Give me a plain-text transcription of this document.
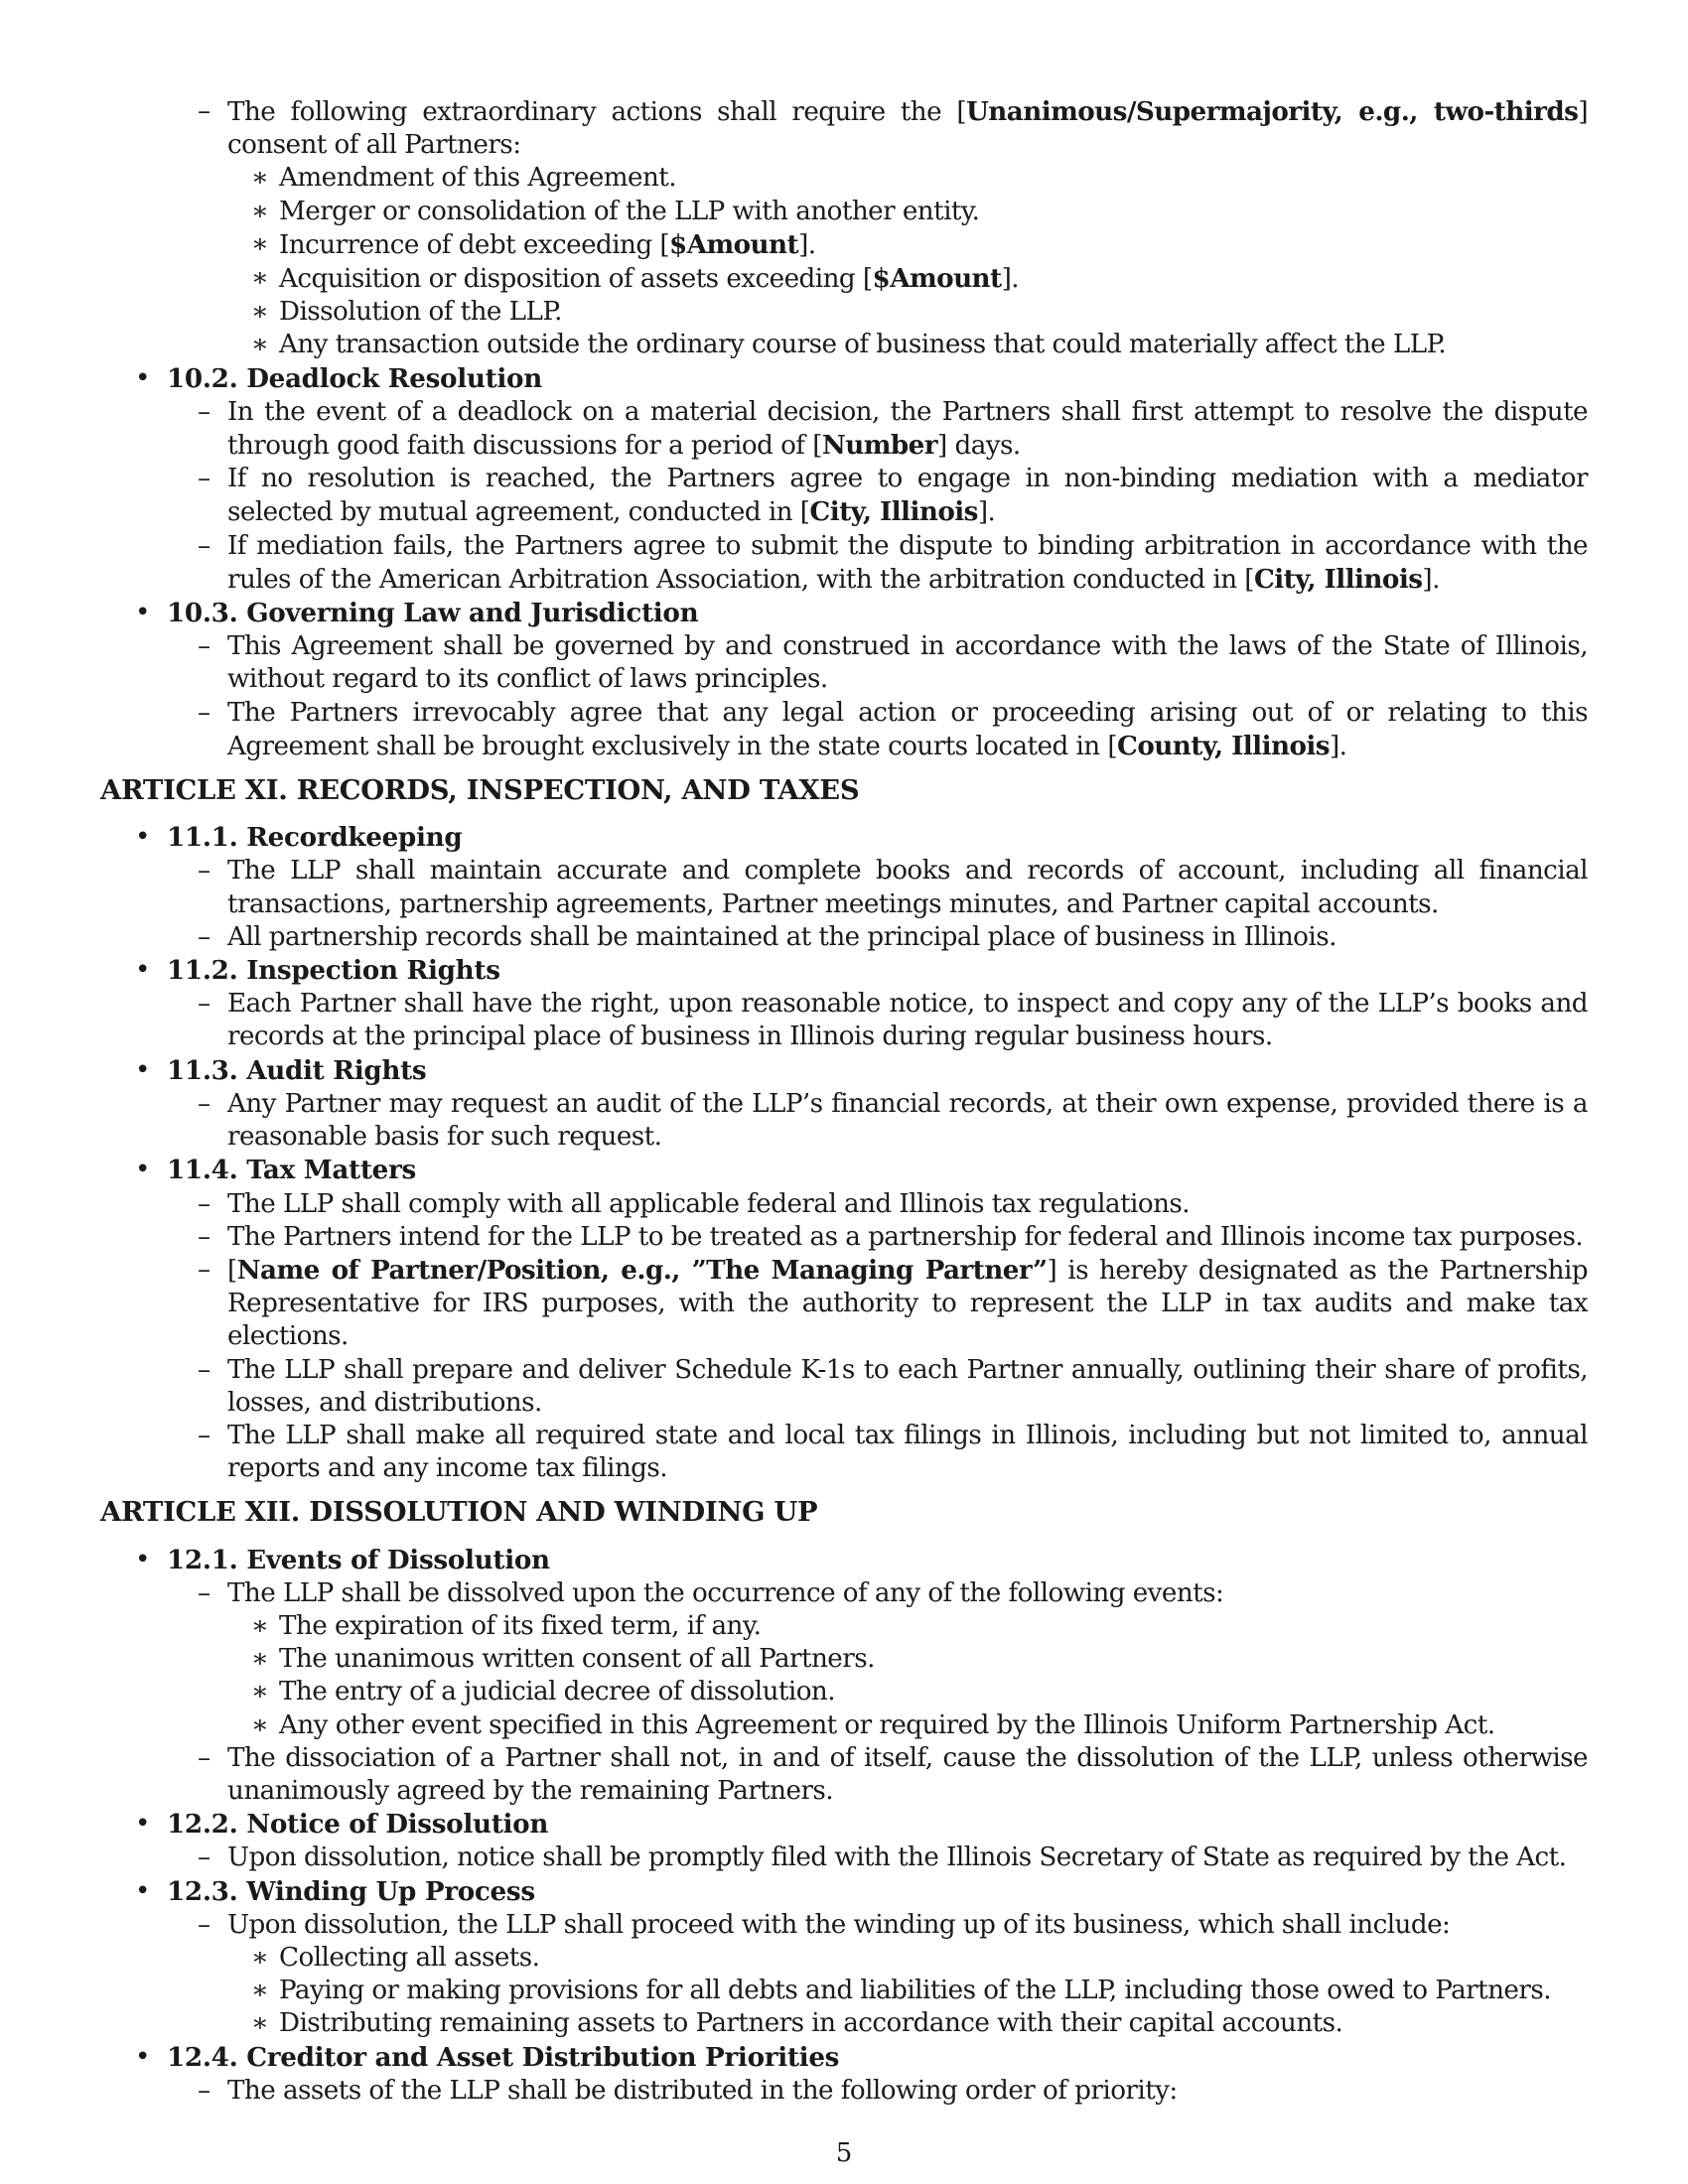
– The following extraordinary actions shall require the [Unanimous/Supermajority, e.g., two-thirds] consent of all Partners:

∗ Amendment of this Agreement.

∗ Merger or consolidation of the LLP with another entity.

∗ Incurrence of debt exceeding [$Amount].

∗ Acquisition or disposition of assets exceeding [$Amount].

∗ Dissolution of the LLP.

∗ Any transaction outside the ordinary course of business that could materially affect the LLP.

• 10.2. Deadlock Resolution

– In the event of a deadlock on a material decision, the Partners shall first attempt to resolve the dispute through good faith discussions for a period of [Number] days.

– If no resolution is reached, the Partners agree to engage in non-binding mediation with a mediator selected by mutual agreement, conducted in [City, Illinois].

– If mediation fails, the Partners agree to submit the dispute to binding arbitration in accordance with the rules of the American Arbitration Association, with the arbitration conducted in [City, Illinois].

• 10.3. Governing Law and Jurisdiction

– This Agreement shall be governed by and construed in accordance with the laws of the State of Illinois, without regard to its conflict of laws principles.

– The Partners irrevocably agree that any legal action or proceeding arising out of or relating to this Agreement shall be brought exclusively in the state courts located in [County, Illinois].

ARTICLE XI. RECORDS, INSPECTION, AND TAXES

• 11.1. Recordkeeping

– The LLP shall maintain accurate and complete books and records of account, including all financial transactions, partnership agreements, Partner meetings minutes, and Partner capital accounts.

– All partnership records shall be maintained at the principal place of business in Illinois.

• 11.2. Inspection Rights

– Each Partner shall have the right, upon reasonable notice, to inspect and copy any of the LLP’s books and records at the principal place of business in Illinois during regular business hours.

• 11.3. Audit Rights

– Any Partner may request an audit of the LLP’s financial records, at their own expense, provided there is a reasonable basis for such request.

• 11.4. Tax Matters

– The LLP shall comply with all applicable federal and Illinois tax regulations.

– The Partners intend for the LLP to be treated as a partnership for federal and Illinois income tax purposes.

– [Name of Partner/Position, e.g., ”The Managing Partner”] is hereby designated as the Partnership Representative for IRS purposes, with the authority to represent the LLP in tax audits and make tax elections.

– The LLP shall prepare and deliver Schedule K-1s to each Partner annually, outlining their share of profits, losses, and distributions.

– The LLP shall make all required state and local tax filings in Illinois, including but not limited to, annual reports and any income tax filings.

ARTICLE XII. DISSOLUTION AND WINDING UP

• 12.1. Events of Dissolution

– The LLP shall be dissolved upon the occurrence of any of the following events:

∗ The expiration of its fixed term, if any.

∗ The unanimous written consent of all Partners.

∗ The entry of a judicial decree of dissolution.

∗ Any other event specified in this Agreement or required by the Illinois Uniform Partnership Act.

– The dissociation of a Partner shall not, in and of itself, cause the dissolution of the LLP, unless otherwise unanimously agreed by the remaining Partners.

• 12.2. Notice of Dissolution

– Upon dissolution, notice shall be promptly filed with the Illinois Secretary of State as required by the Act.

• 12.3. Winding Up Process

– Upon dissolution, the LLP shall proceed with the winding up of its business, which shall include:

∗ Collecting all assets.

∗ Paying or making provisions for all debts and liabilities of the LLP, including those owed to Partners.

∗ Distributing remaining assets to Partners in accordance with their capital accounts.

• 12.4. Creditor and Asset Distribution Priorities

– The assets of the LLP shall be distributed in the following order of priority:

5
